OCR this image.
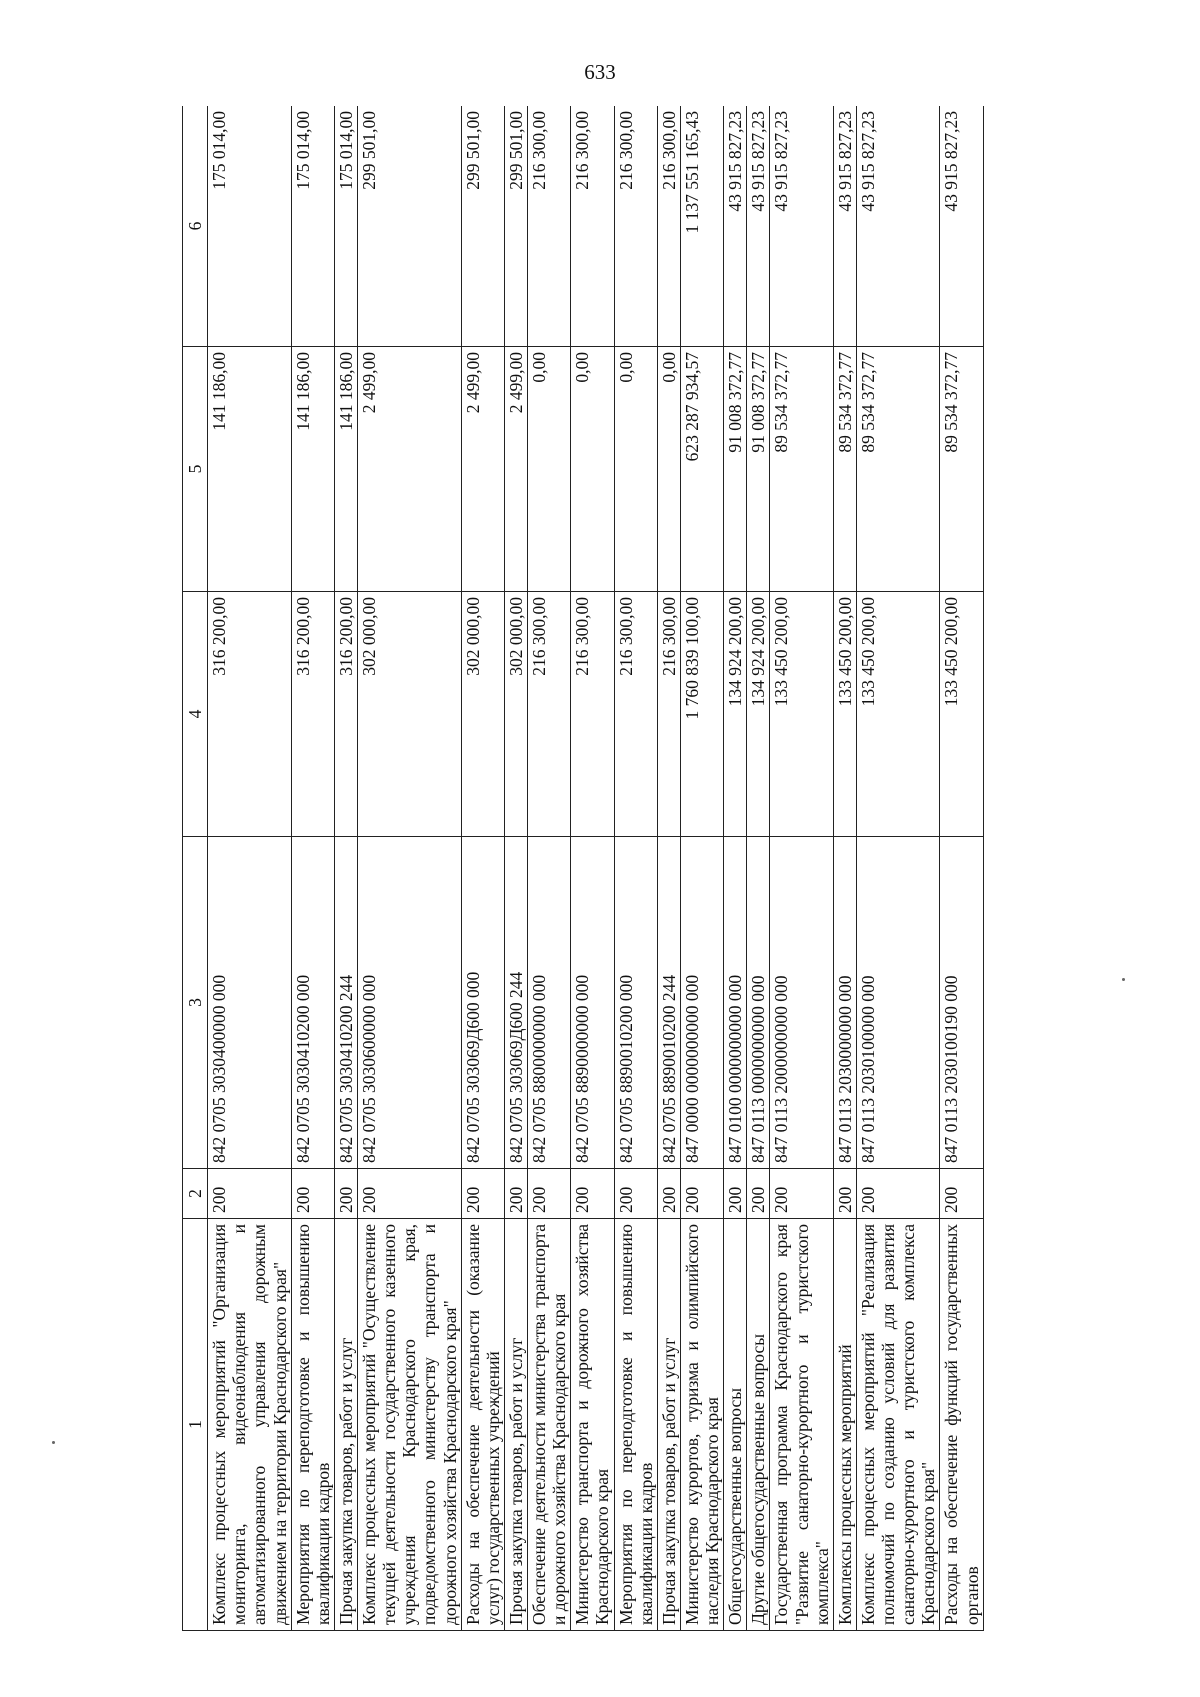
633
1	2	3	4	5	6
Комплекс процессных мероприятий "Организация мониторинга, видеонаблюдения и автоматизированного управления дорожным движением на территории Краснодарского края"	200	842 0705 3030400000 000	316 200,00	141 186,00	175 014,00
Мероприятия по переподготовке и повышению квалификации кадров	200	842 0705 3030410200 000	316 200,00	141 186,00	175 014,00
Прочая закупка товаров, работ и услуг	200	842 0705 3030410200 244	316 200,00	141 186,00	175 014,00
Комплекс процессных мероприятий "Осуществление текущей деятельности государственного казенного учреждения Краснодарского края, подведомственного министерству транспорта и дорожного хозяйства Краснодарского края"	200	842 0705 3030600000 000	302 000,00	2 499,00	299 501,00
Расходы на обеспечение деятельности (оказание услуг) государственных учреждений	200	842 0705 303069Д600 000	302 000,00	2 499,00	299 501,00
Прочая закупка товаров, работ и услуг	200	842 0705 303069Д600 244	302 000,00	2 499,00	299 501,00
Обеспечение деятельности министерства транспорта и дорожного хозяйства Краснодарского края	200	842 0705 8800000000 000	216 300,00	0,00	216 300,00
Министерство транспорта и дорожного хозяйства Краснодарского края	200	842 0705 8890000000 000	216 300,00	0,00	216 300,00
Мероприятия по переподготовке и повышению квалификации кадров	200	842 0705 8890010200 000	216 300,00	0,00	216 300,00
Прочая закупка товаров, работ и услуг	200	842 0705 8890010200 244	216 300,00	0,00	216 300,00
Министерство курортов, туризма и олимпийского наследия Краснодарского края	200	847 0000 0000000000 000	1 760 839 100,00	623 287 934,57	1 137 551 165,43
Общегосударственные вопросы	200	847 0100 0000000000 000	134 924 200,00	91 008 372,77	43 915 827,23
Другие общегосударственные вопросы	200	847 0113 0000000000 000	134 924 200,00	91 008 372,77	43 915 827,23
Государственная программа Краснодарского края "Развитие санаторно-курортного и туристского комплекса"	200	847 0113 2000000000 000	133 450 200,00	89 534 372,77	43 915 827,23
Комплексы процессных мероприятий	200	847 0113 2030000000 000	133 450 200,00	89 534 372,77	43 915 827,23
Комплекс процессных мероприятий "Реализация полномочий по созданию условий для развития санаторно-курортного и туристского комплекса Краснодарского края"	200	847 0113 2030100000 000	133 450 200,00	89 534 372,77	43 915 827,23
Расходы на обеспечение функций государственных органов	200	847 0113 2030100190 000	133 450 200,00	89 534 372,77	43 915 827,23
